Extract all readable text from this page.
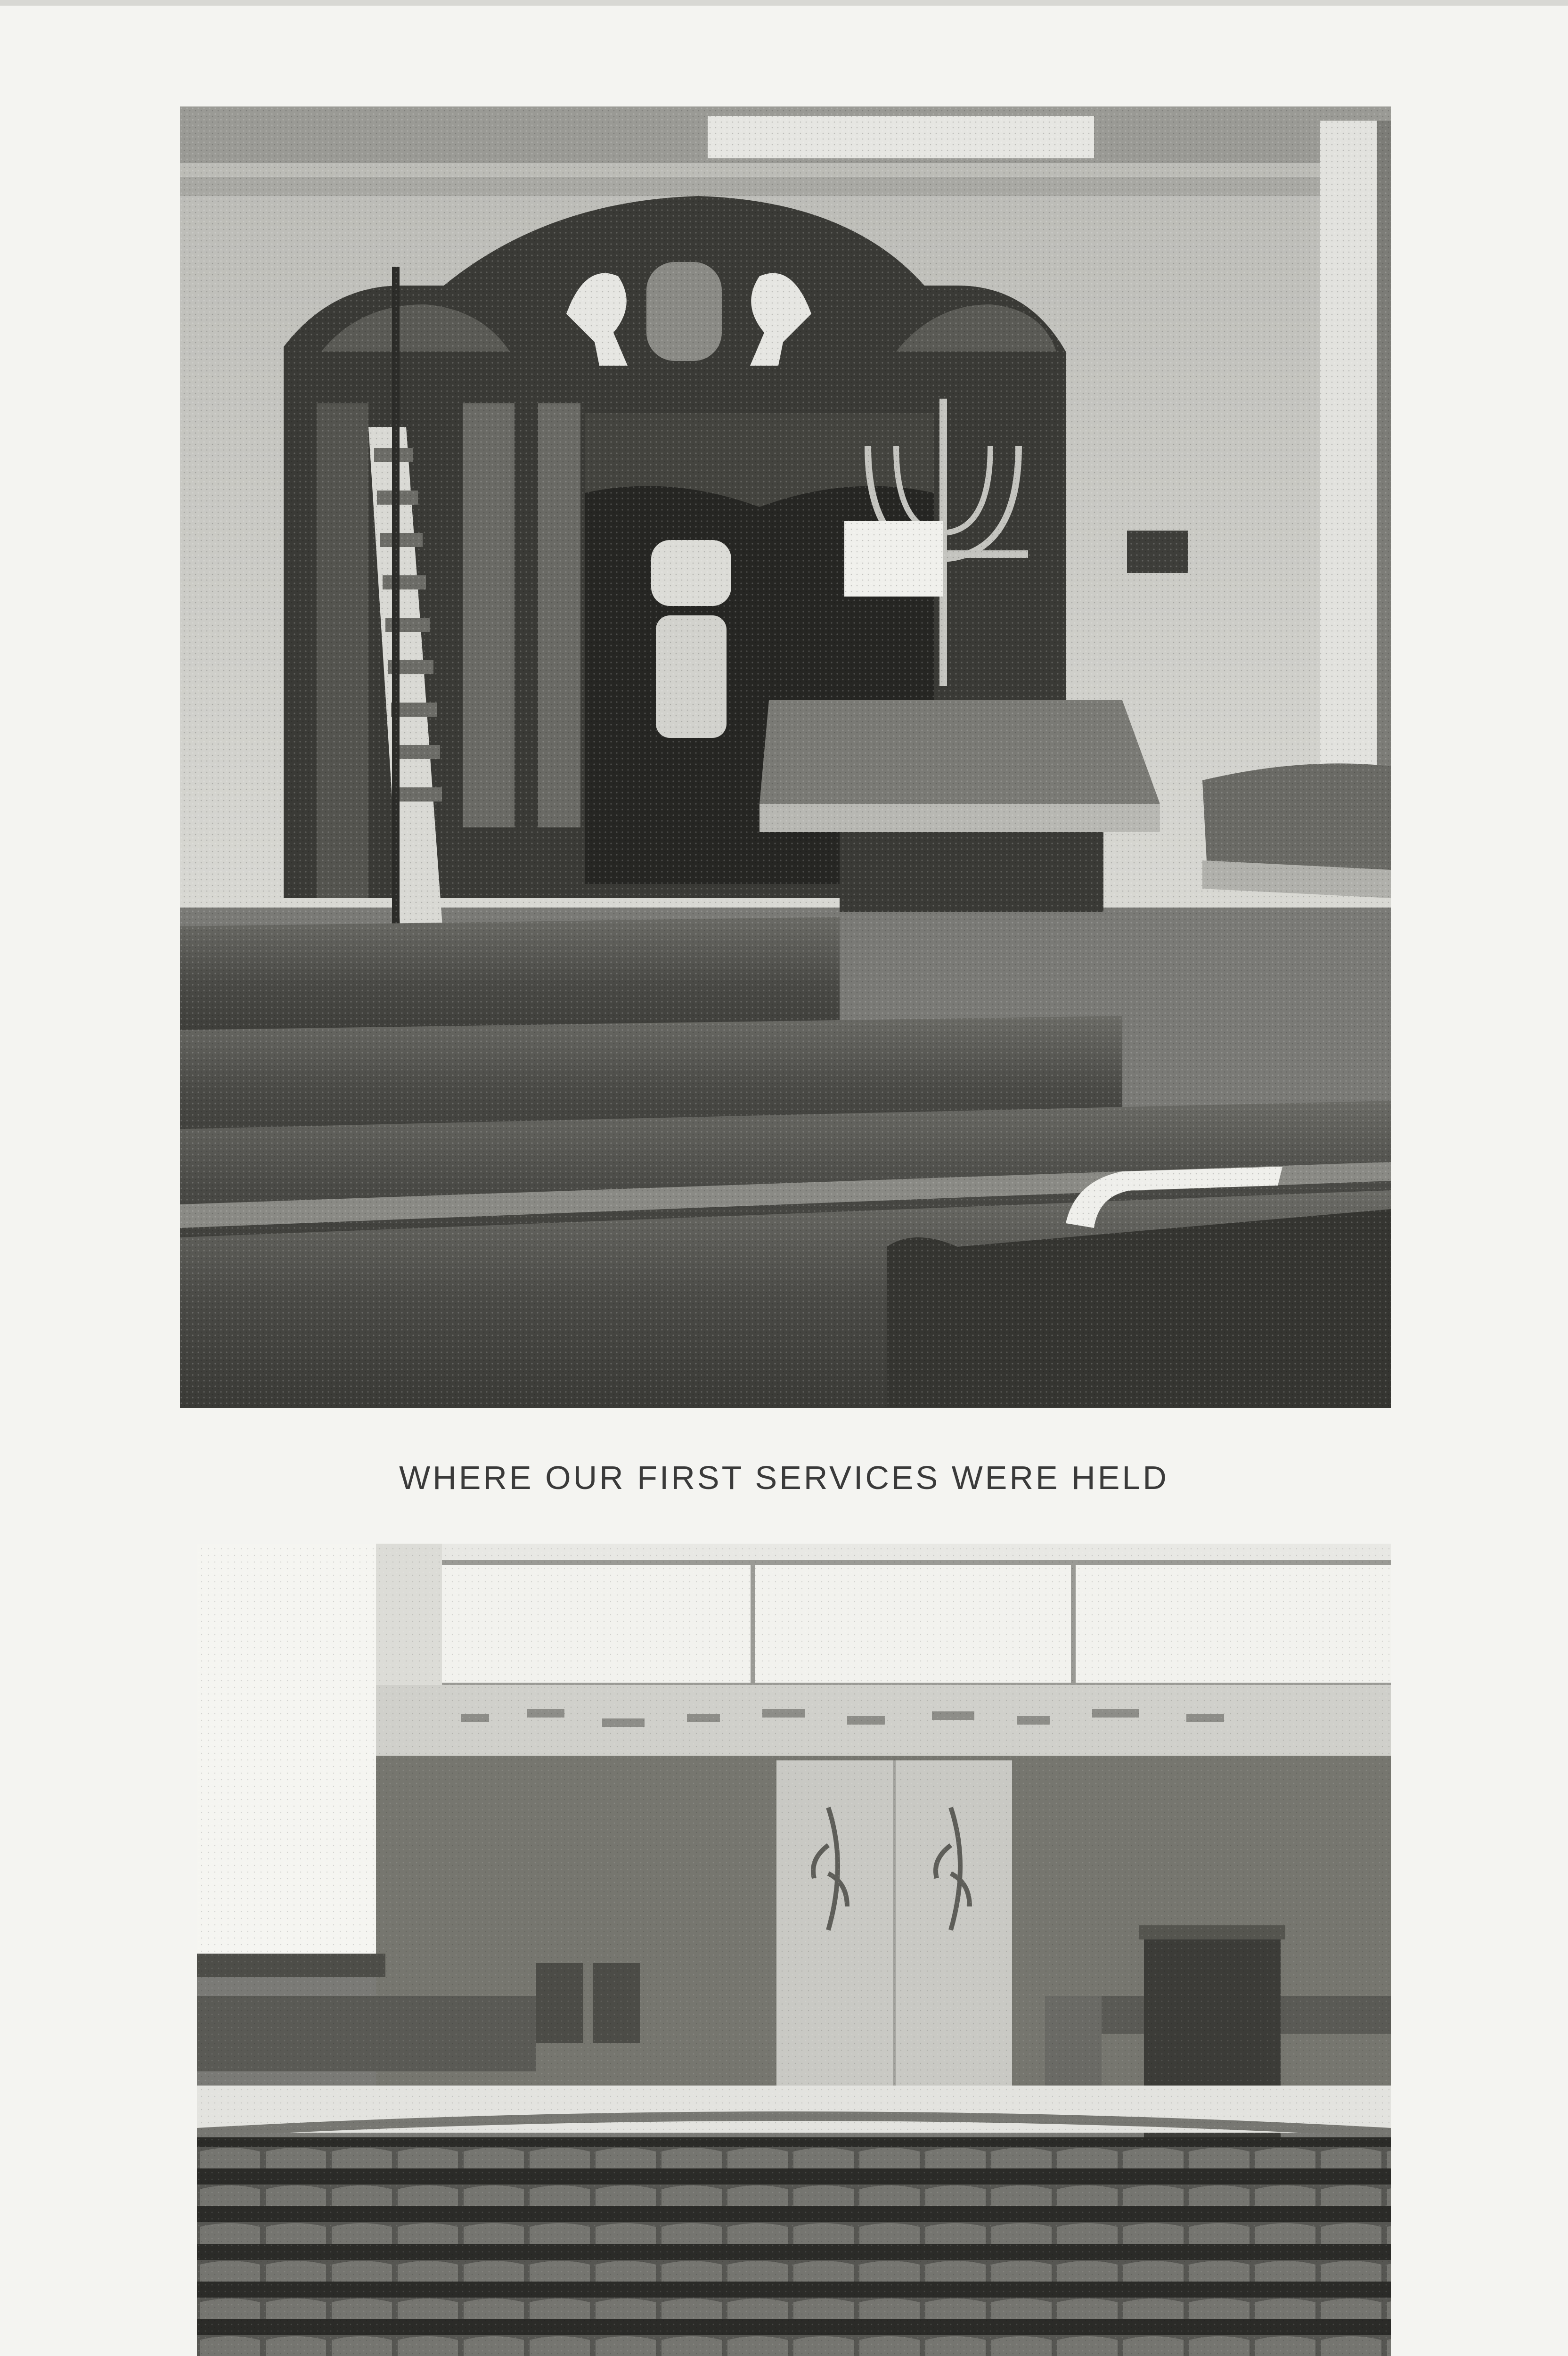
WHERE OUR FIRST SERVICES WERE HELD
